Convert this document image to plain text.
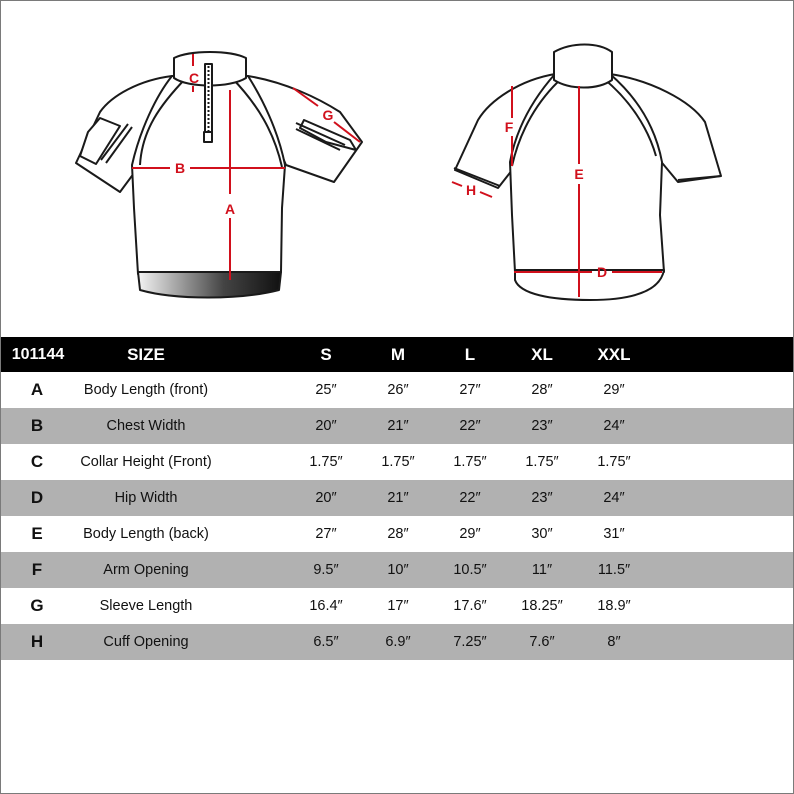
A
B
C
G
D
E
F
H
101144	SIZE	S	M	L	XL	XXL
A	Body Length (front)	25″	26″	27″	28″	29″
B	Chest Width	20″	21″	22″	23″	24″
C	Collar Height (Front)	1.75″	1.75″	1.75″	1.75″	1.75″
D	Hip Width	20″	21″	22″	23″	24″
E	Body Length (back)	27″	28″	29″	30″	31″
F	Arm Opening	9.5″	10″	10.5″	11″	11.5″
G	Sleeve Length	16.4″	17″	17.6″	18.25″	18.9″
H	Cuff Opening	6.5″	6.9″	7.25″	7.6″	8″
